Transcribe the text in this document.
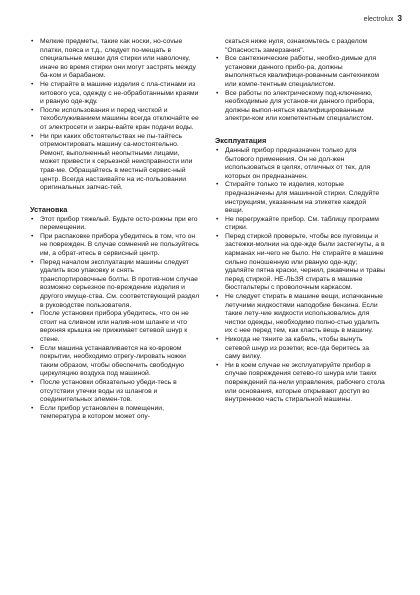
electrolux 3
• Мелкие предметы, такие как носки, но-сovые платки, пояса и т.д., следует по-мещать в специальные мешки для стирки или наволочку, иначе во время стирки они могут застрять между ба-ком и барабаном.
• Не стирайте в машине изделия с пла-стинами из китового уса, одежду с не-обработанными краями и рваную оде-жду.
• После использования и перед чисткой и техобслуживанием машины всегда отключайте ее от электросети и закры-вайте кран подачи воды.
• Ни при каких обстоятельствах не пы-тайтесь отремонтировать машину са-мостоятельно. Ремонт, выполненный неопытными лицами, может привести к серьезной неисправности или трав-ме. Обращайтесь в местный сервис-ный центр. Всегда настаивайте на ис-пользовании оригинальных запчас-тей.
Установка
• Этот прибор тяжелый. Будьте осто-рожны при его перемещении.
• При распаковке прибора убедитесь в том, что он не поврежден. В случае сомнений не пользуйтесь им, а обрат-итесь в сервисный центр.
• Перед началом эксплуатации машины следует удалить всю упаковку и снять транспортировочные болты. В против-ном случае возможно серьезное по-вреждение изделия и другого имуще-ства. См. соответствующий раздел в руководстве пользователя.
• После установки прибора убедитесь, что он не стоит на сливном или налив-ном шланге и что верхняя крышка не прижимает сетевой шнур к стене.
• Если машина устанавливается на ко-вровом покрытии, необходимо отрегу-лировать ножки таким образом, чтобы обеспечить свободную циркуляцию воздуха под машиной.
• После установки обязательно убеди-тесь в отсутствии утечки воды из шлангов и соединительных элемен-тов.
• Если прибор установлен в помещении, температура в котором может опу-
скаться ниже нуля, ознакомьтесь с разделом "Опасность замерзания".
• Все сантехнические работы, необхо-димые для установки данного прибо-ра, должны выполняться квалифици-рованным сантехником или компе-тентным специалистом.
• Все работы по электрическому под-ключению, необходимые для установ-ки данного прибора, должны выпол-няться квалифицированным электри-ком или компетентным специалистом.
Эксплуатация
• Данный прибор предназначен только для бытового применения. Он не дол-жен использоваться в целях, отличных от тех, для которых он предназначен.
• Стирайте только те изделия, которые предназначены для машинной стирки. Следуйте инструкциям, указанным на этикетке каждой вещи.
• Не перегружайте прибор. См. таблицу программ стирки.
• Перед стиркой проверьте, чтобы все пуговицы и застежки-молнии на оде-жде были застегнуты, а в карманах ни-чего не было. Не стирайте в машине сильно поношенную или рваную оде-жду; удаляйте пятна краски, чернил, ржавчины и травы перед стиркой. НЕ-ЛЬЗЯ стирать в машине бюстгальтеры с проволочным каркасом.
• Не следует стирать в машине вещи, испачканные летучими жидкостями наподобие бензина. Если такие лету-чие жидкости использовались для чистки одежды, необходимо полно-стью удалить их с нее перед тем, как класть вещь в машину.
• Никогда не тяните за кабель, чтобы вынуть сетевой шнур из розетки; все-гда беритесь за саму вилку.
• Ни в коем случае не эксплуатируйте прибор в случае повреждения сетево-го шнура или таких повреждений па-нели управления, рабочего стола или основания, которые открывают доступ во внутреннюю часть стиральной машины.
